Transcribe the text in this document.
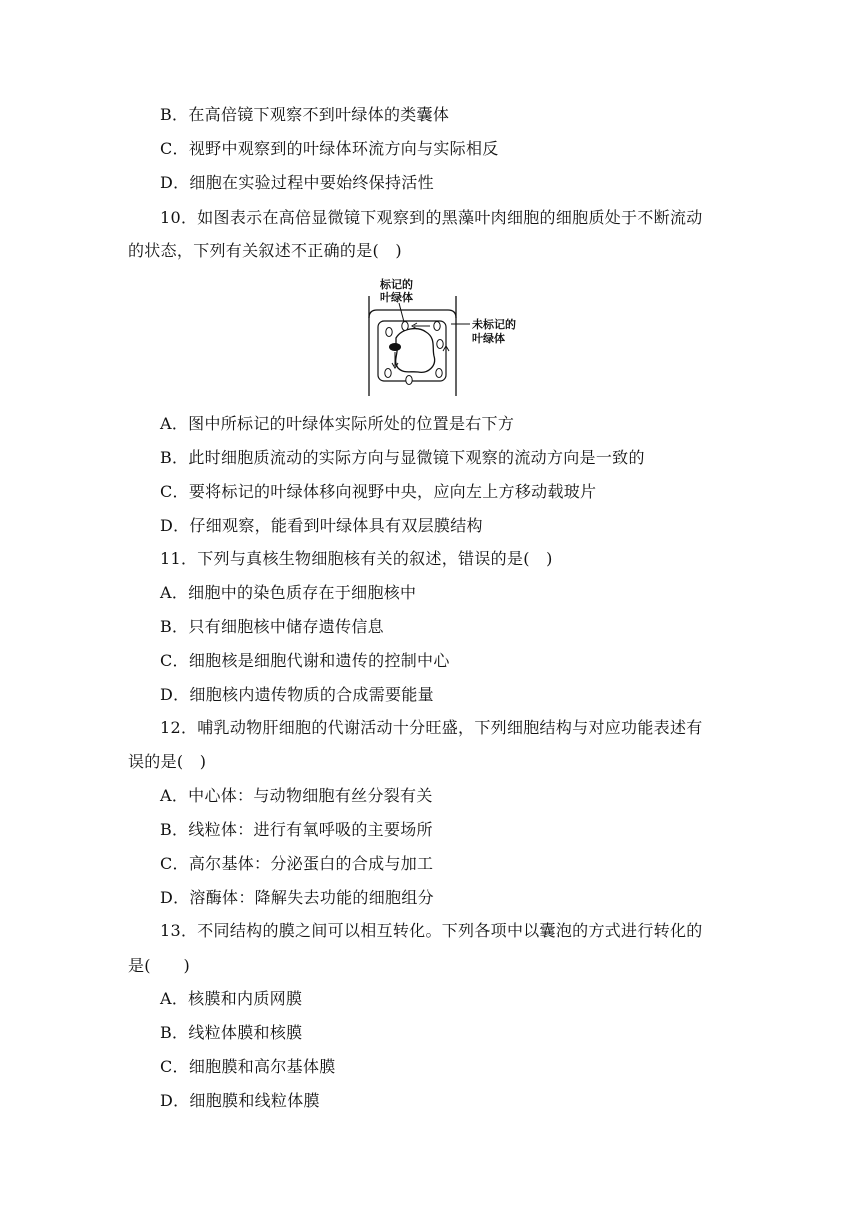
B．在高倍镜下观察不到叶绿体的类囊体
C．视野中观察到的叶绿体环流方向与实际相反
D．细胞在实验过程中要始终保持活性
10．如图表示在高倍显微镜下观察到的黑藻叶肉细胞的细胞质处于不断流动
的状态，下列有关叙述不正确的是(　)
标记的
叶绿体
未标记的
叶绿体
A．图中所标记的叶绿体实际所处的位置是右下方
B．此时细胞质流动的实际方向与显微镜下观察的流动方向是一致的
C．要将标记的叶绿体移向视野中央，应向左上方移动载玻片
D．仔细观察，能看到叶绿体具有双层膜结构
11．下列与真核生物细胞核有关的叙述，错误的是(　)
A．细胞中的染色质存在于细胞核中
B．只有细胞核中储存遗传信息
C．细胞核是细胞代谢和遗传的控制中心
D．细胞核内遗传物质的合成需要能量
12．哺乳动物肝细胞的代谢活动十分旺盛，下列细胞结构与对应功能表述有
误的是(　)
A．中心体：与动物细胞有丝分裂有关
B．线粒体：进行有氧呼吸的主要场所
C．高尔基体：分泌蛋白的合成与加工
D．溶酶体：降解失去功能的细胞组分
13．不同结构的膜之间可以相互转化。下列各项中以囊泡的方式进行转化的
是(　　)
A．核膜和内质网膜
B．线粒体膜和核膜
C．细胞膜和高尔基体膜
D．细胞膜和线粒体膜
